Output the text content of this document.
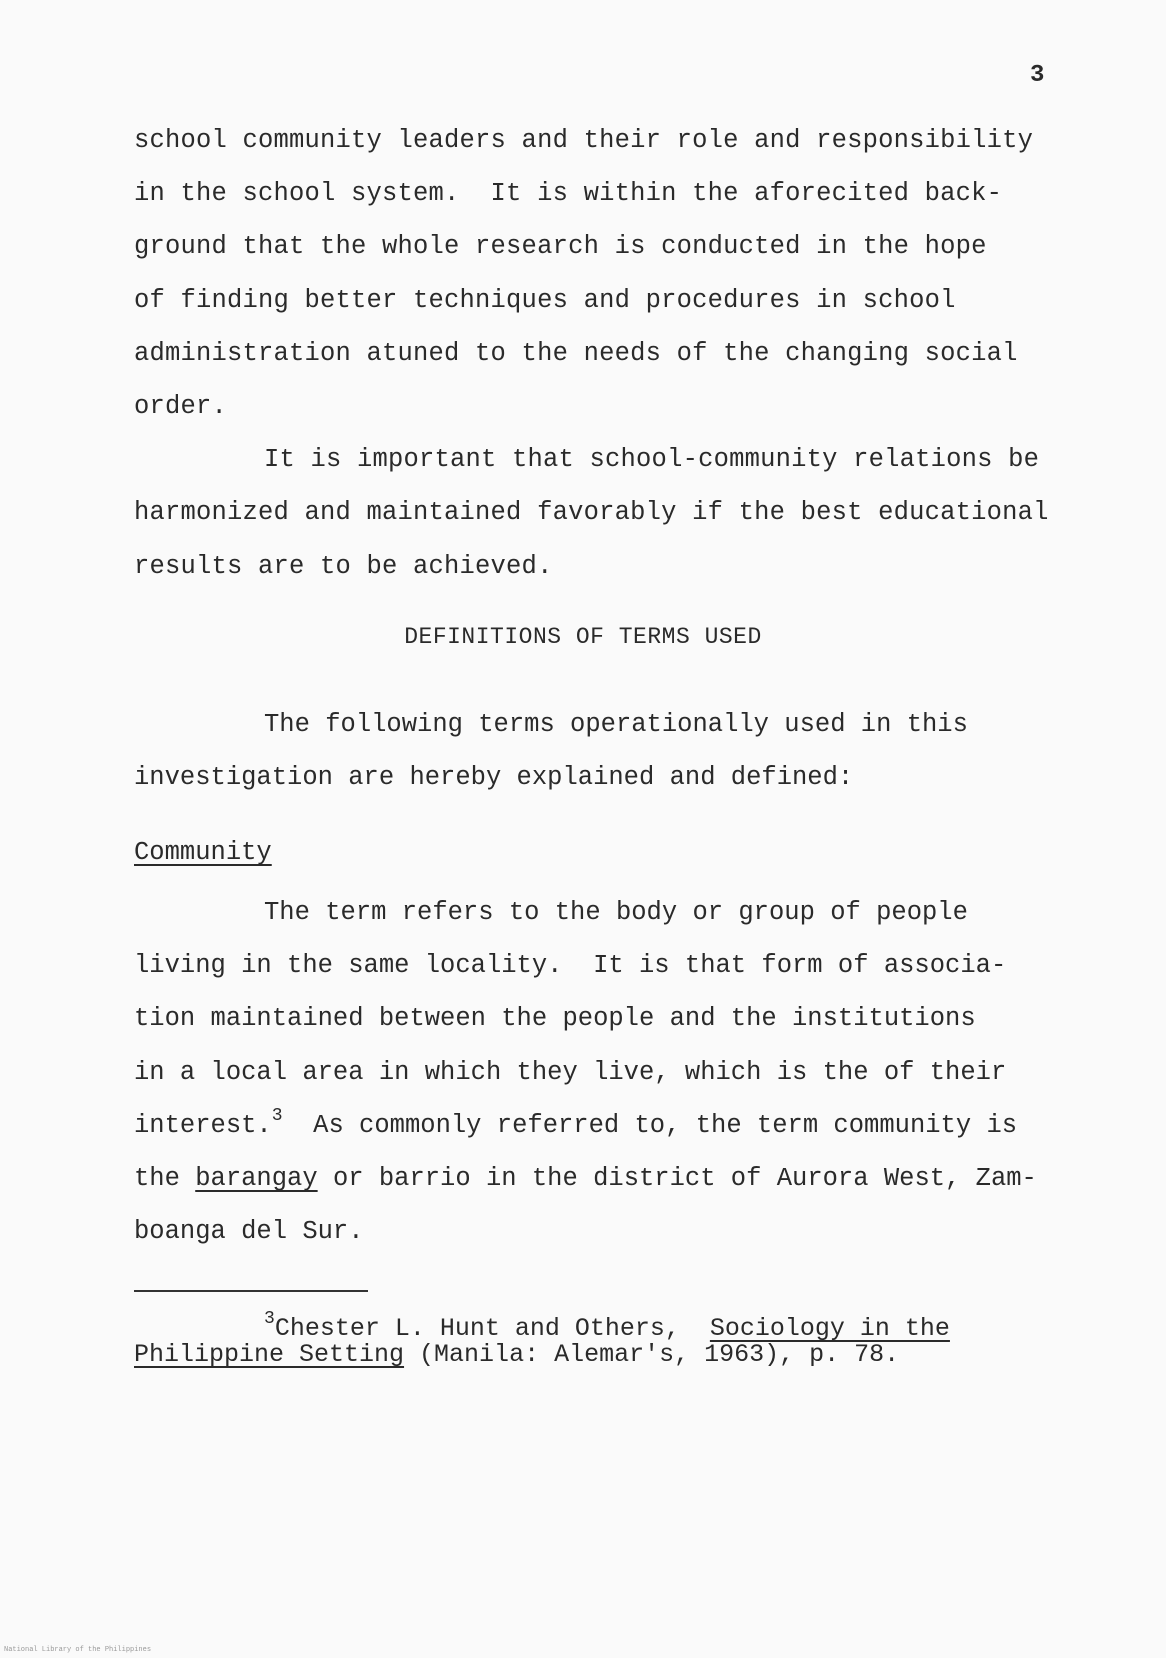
3
school community leaders and their role and responsibility
in the school system.  It is within the aforecited back-
ground that the whole research is conducted in the hope
of finding better techniques and procedures in school
administration atuned to the needs of the changing social
order.
It is important that school-community relations be
harmonized and maintained favorably if the best educational
results are to be achieved.
DEFINITIONS OF TERMS USED
The following terms operationally used in this
investigation are hereby explained and defined:
Community
The term refers to the body or group of people
living in the same locality.  It is that form of associa-
tion maintained between the people and the institutions
in a local area in which they live, which is the of their
interest.$^3$  As commonly referred to, the term community is
the barangay or barrio in the district of Aurora West, Zam-
boanga del Sur.
$^3$Chester L. Hunt and Others,  Sociology in the
Philippine Setting (Manila: Alemar's, 1963), p. 78.
National Library of the Philippines
